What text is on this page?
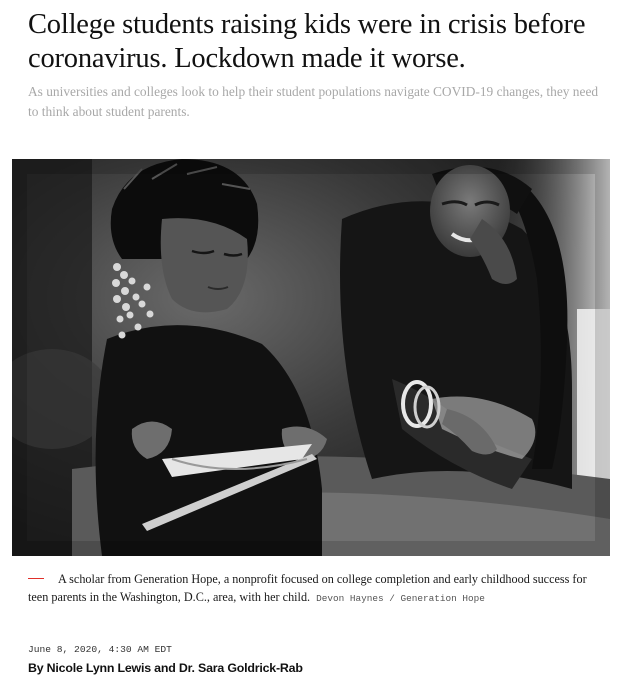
College students raising kids were in crisis before coronavirus. Lockdown made it worse.

As universities and colleges look to help their student populations navigate COVID-19 changes, they need to think about student parents.

A scholar from Generation Hope, a nonprofit focused on college completion and early childhood success for teen parents in the Washington, D.C., area, with her child. Devon Haynes / Generation Hope

June 8, 2020, 4:30 AM EDT
By Nicole Lynn Lewis and Dr. Sara Goldrick-Rab
